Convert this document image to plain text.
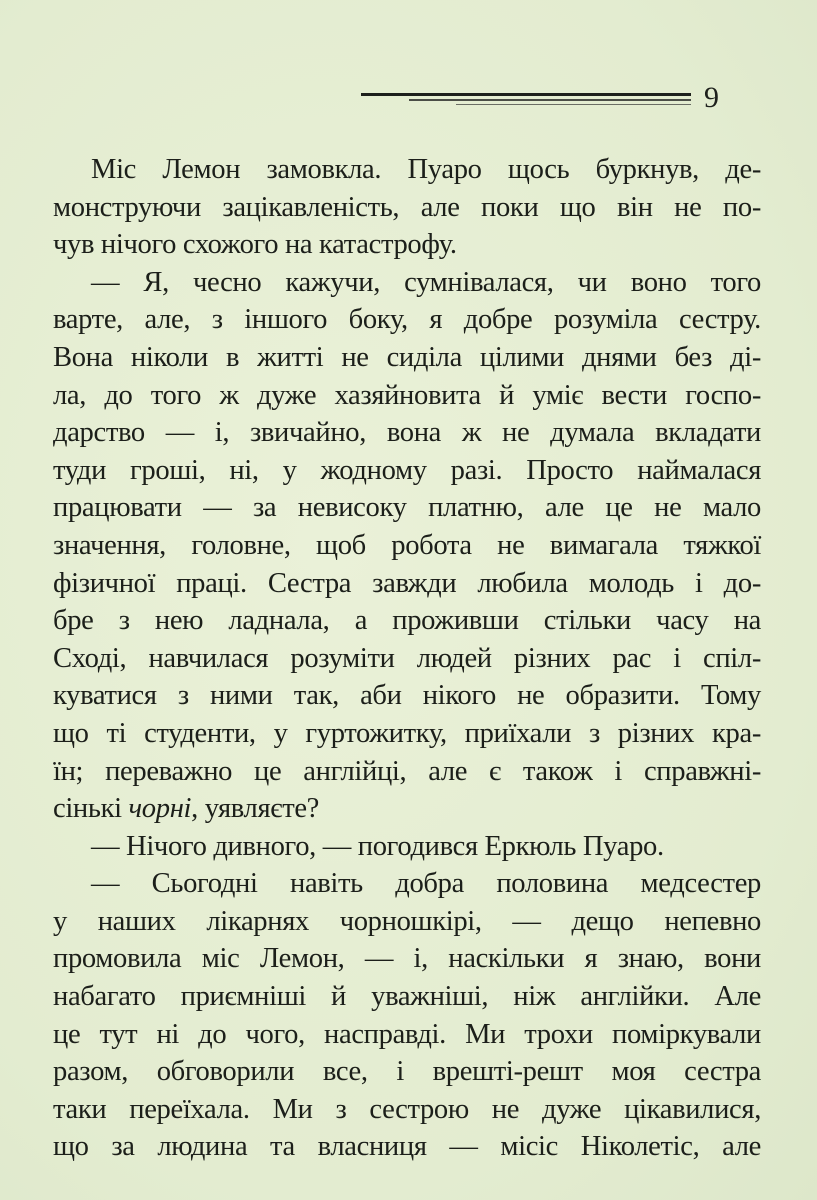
9
Міс Лемон замовкла. Пуаро щось буркнув, де-
монструючи зацікавленість, але поки що він не по-
чув нічого схожого на катастрофу.
— Я, чесно кажучи, сумнівалася, чи воно того
варте, але, з іншого боку, я добре розуміла сестру.
Вона ніколи в житті не сиділа цілими днями без ді-
ла, до того ж дуже хазяйновита й уміє вести госпо-
дарство — і, звичайно, вона ж не думала вкладати
туди гроші, ні, у жодному разі. Просто наймалася
працювати — за невисоку платню, але це не мало
значення, головне, щоб робота не вимагала тяжкої
фізичної праці. Сестра завжди любила молодь і до-
бре з нею ладнала, а проживши стільки часу на
Сході, навчилася розуміти людей різних рас і спіл-
куватися з ними так, аби нікого не образити. Тому
що ті студенти, у гуртожитку, приїхали з різних кра-
їн; переважно це англійці, але є також і справжні-
сінькі чорні, уявляєте?
— Нічого дивного, — погодився Еркюль Пуаро.
— Сьогодні навіть добра половина медсестер
у наших лікарнях чорношкірі, — дещо непевно
промовила міс Лемон, — і, наскільки я знаю, вони
набагато приємніші й уважніші, ніж англійки. Але
це тут ні до чого, насправді. Ми трохи поміркували
разом, обговорили все, і врешті-решт моя сестра
таки переїхала. Ми з сестрою не дуже цікавилися,
що за людина та власниця — місіс Ніколетіс, але
